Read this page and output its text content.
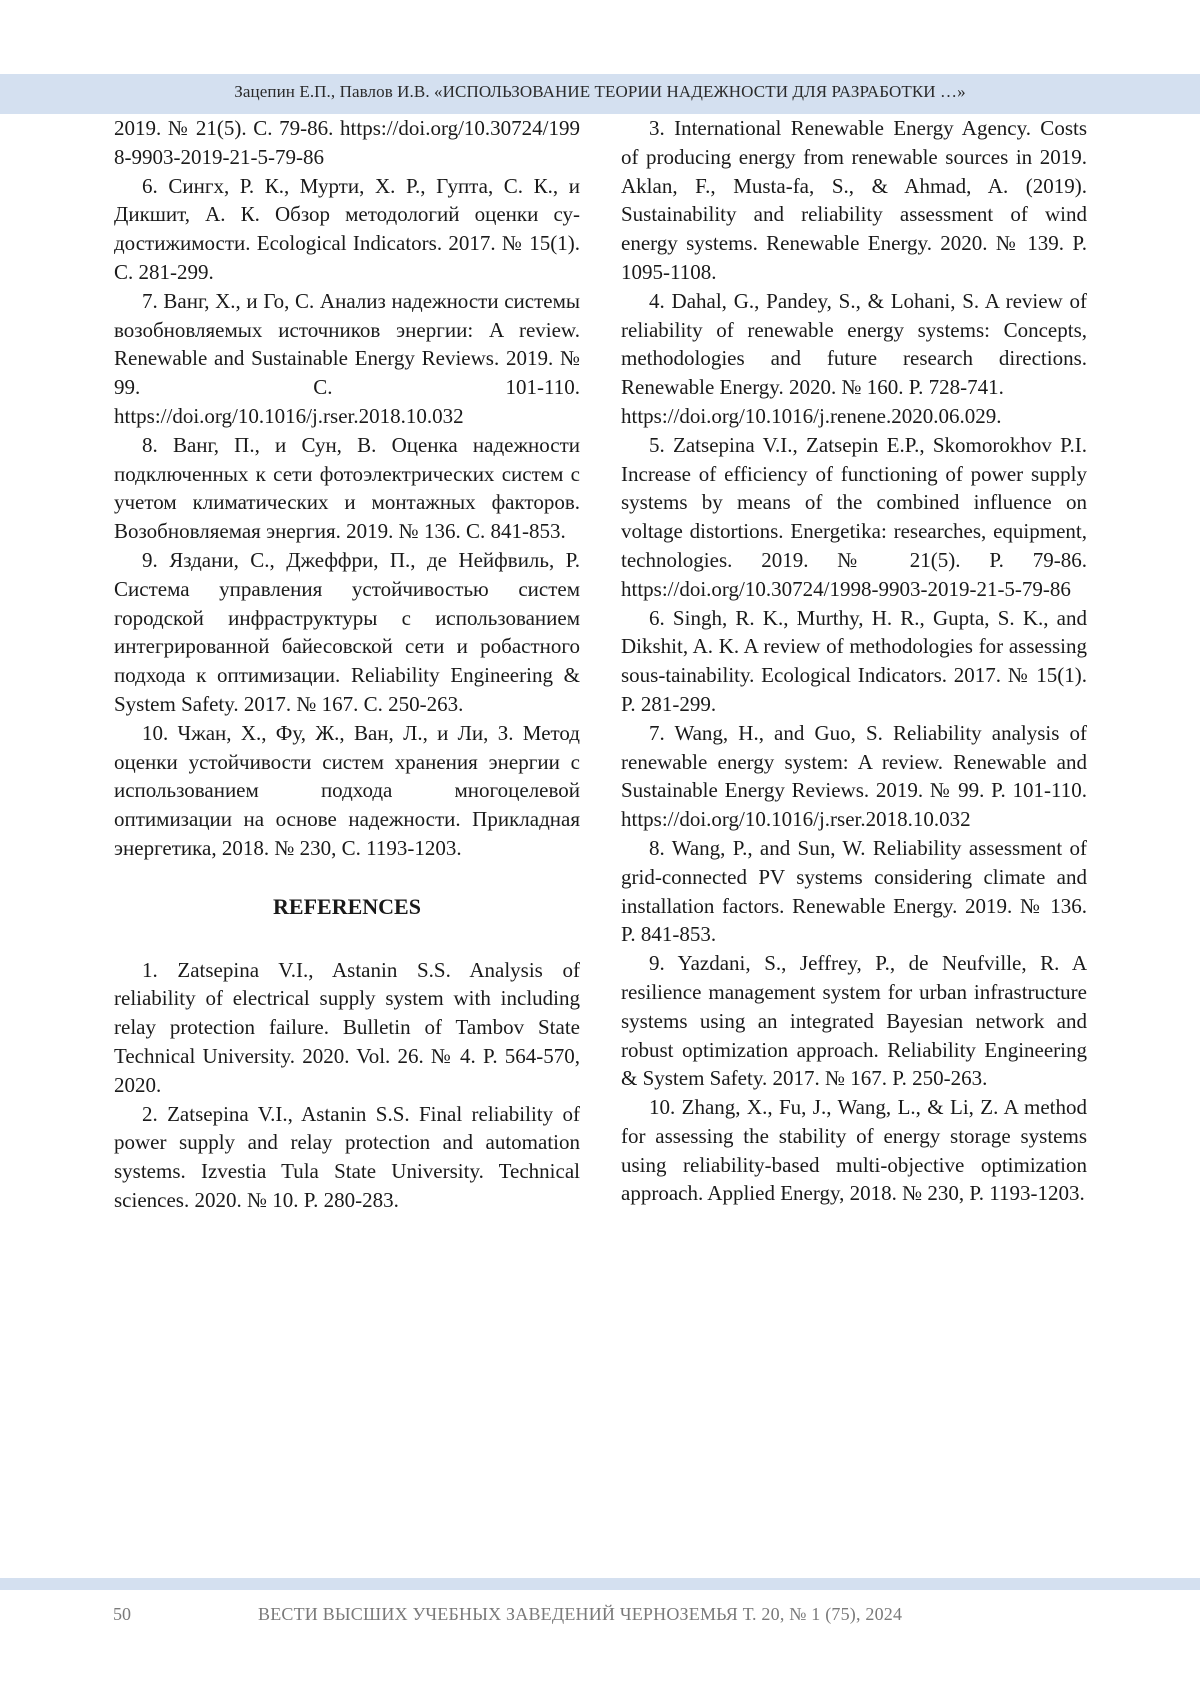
Зацепин Е.П., Павлов И.В. «ИСПОЛЬЗОВАНИЕ ТЕОРИИ НАДЕЖНОСТИ ДЛЯ РАЗРАБОТКИ …»

2019. № 21(5). С. 79-86. https://doi.org/10.30724/1998-9903-2019-21-5-79-86

6. Сингх, Р. К., Мурти, Х. Р., Гупта, С. К., и Дикшит, А. К. Обзор методологий оценки су-достижимости. Ecological Indicators. 2017. № 15(1). С. 281-299.

7. Ванг, Х., и Го, С. Анализ надежности системы возобновляемых источников энергии: A review. Renewable and Sustainable Energy Reviews. 2019. № 99. С. 101-110. https://doi.org/10.1016/j.rser.2018.10.032

8. Ванг, П., и Сун, В. Оценка надежности подключенных к сети фотоэлектрических систем с учетом климатических и монтажных факторов. Возобновляемая энергия. 2019. № 136. С. 841-853.

9. Яздани, С., Джеффри, П., де Нейфвиль, Р. Система управления устойчивостью систем городской инфраструктуры с использованием интегрированной байесовской сети и робастного подхода к оптимизации. Reliability Engineering & System Safety. 2017. № 167. С. 250-263.

10. Чжан, Х., Фу, Ж., Ван, Л., и Ли, З. Метод оценки устойчивости систем хранения энергии с использованием подхода многоцелевой оптимизации на основе надежности. Прикладная энергетика, 2018. № 230, С. 1193-1203.

REFERENCES

1. Zatsepina V.I., Astanin S.S. Analysis of reliability of electrical supply system with including relay protection failure. Bulletin of Tambov State Technical University. 2020. Vol. 26. № 4. P. 564-570, 2020.

2. Zatsepina V.I., Astanin S.S. Final reliability of power supply and relay protection and automation systems. Izvestia Tula State University. Technical sciences. 2020. № 10. P. 280-283.

3. International Renewable Energy Agency. Costs of producing energy from renewable sources in 2019. Aklan, F., Musta-fa, S., & Ahmad, A. (2019). Sustainability and reliability assessment of wind energy systems. Renewable Energy. 2020. № 139. P. 1095-1108.

4. Dahal, G., Pandey, S., & Lohani, S. A review of reliability of renewable energy systems: Concepts, methodologies and future research directions. Renewable Energy. 2020. № 160. P. 728-741.

https://doi.org/10.1016/j.renene.2020.06.029.

5. Zatsepina V.I., Zatsepin E.P., Skomorokhov P.I. Increase of efficiency of functioning of power supply systems by means of the combined influence on voltage distortions. Energetika: researches, equipment, technologies. 2019. № 21(5). P. 79-86. https://doi.org/10.30724/1998-9903-2019-21-5-79-86

6. Singh, R. K., Murthy, H. R., Gupta, S. K., and Dikshit, A. K. A review of methodologies for assessing sous-tainability. Ecological Indicators. 2017. № 15(1). P. 281-299.

7. Wang, H., and Guo, S. Reliability analysis of renewable energy system: A review. Renewable and Sustainable Energy Reviews. 2019. № 99. P. 101-110. https://doi.org/10.1016/j.rser.2018.10.032

8. Wang, P., and Sun, W. Reliability assessment of grid-connected PV systems considering climate and installation factors. Renewable Energy. 2019. № 136. P. 841-853.

9. Yazdani, S., Jeffrey, P., de Neufville, R. A resilience management system for urban infrastructure systems using an integrated Bayesian network and robust optimization approach. Reliability Engineering & System Safety. 2017. № 167. P. 250-263.

10. Zhang, X., Fu, J., Wang, L., & Li, Z. A method for assessing the stability of energy storage systems using reliability-based multi-objective optimization approach. Applied Energy, 2018. № 230, P. 1193-1203.

50	ВЕСТИ ВЫСШИХ УЧЕБНЫХ ЗАВЕДЕНИЙ ЧЕРНОЗЕМЬЯ Т. 20, № 1 (75), 2024
